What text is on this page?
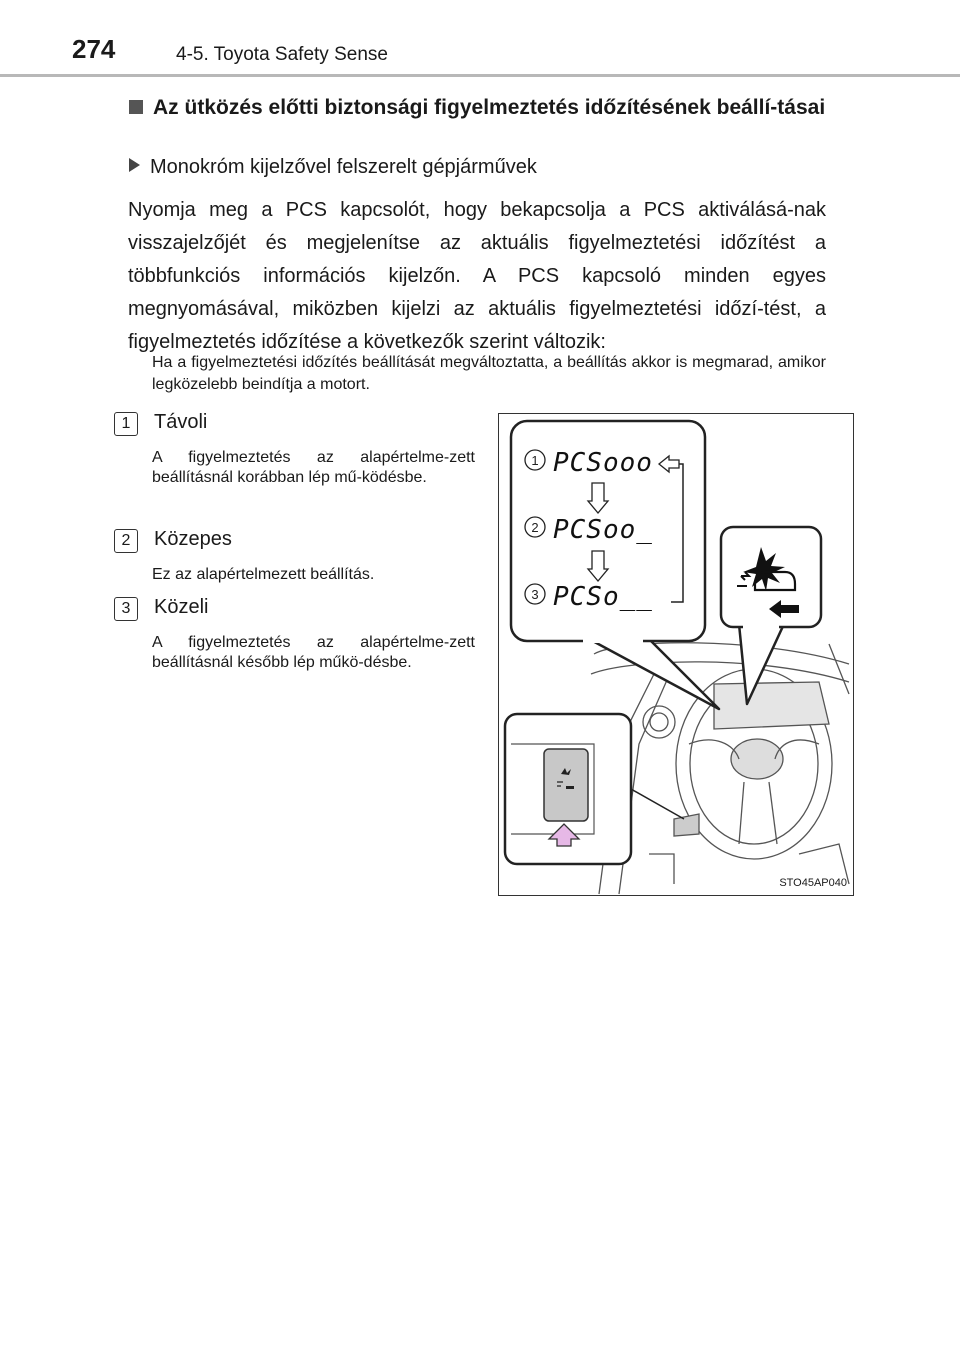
274	4-5. Toyota Safety Sense
Az ütközés előtti biztonsági figyelmeztetés időzítésének beállí-tásai
Monokróm kijelzővel felszerelt gépjárművek
Nyomja meg a PCS kapcsolót, hogy bekapcsolja a PCS aktiválásá-nak visszajelzőjét és megjelenítse az aktuális figyelmeztetési időzítést a többfunkciós információs kijelzőn. A PCS kapcsoló minden egyes megnyomásával, miközben kijelzi az aktuális figyelmeztetési időzí-tést, a figyelmeztetés időzítése a következők szerint változik:
Ha a figyelmeztetési időzítés beállítását megváltoztatta, a beállítás akkor is megmarad, amikor legközelebb beindítja a motort.
1	Távoli
A figyelmeztetés az alapértelme-zett beállításnál korábban lép mű-ködésbe.
2	Közepes
Ez az alapértelmezett beállítás.
3	Közeli
A figyelmeztetés az alapértelme-zett beállításnál később lép műkö-désbe.
1 PCSooo
2 PCSoo_
3 PCSo__
STO45AP040
